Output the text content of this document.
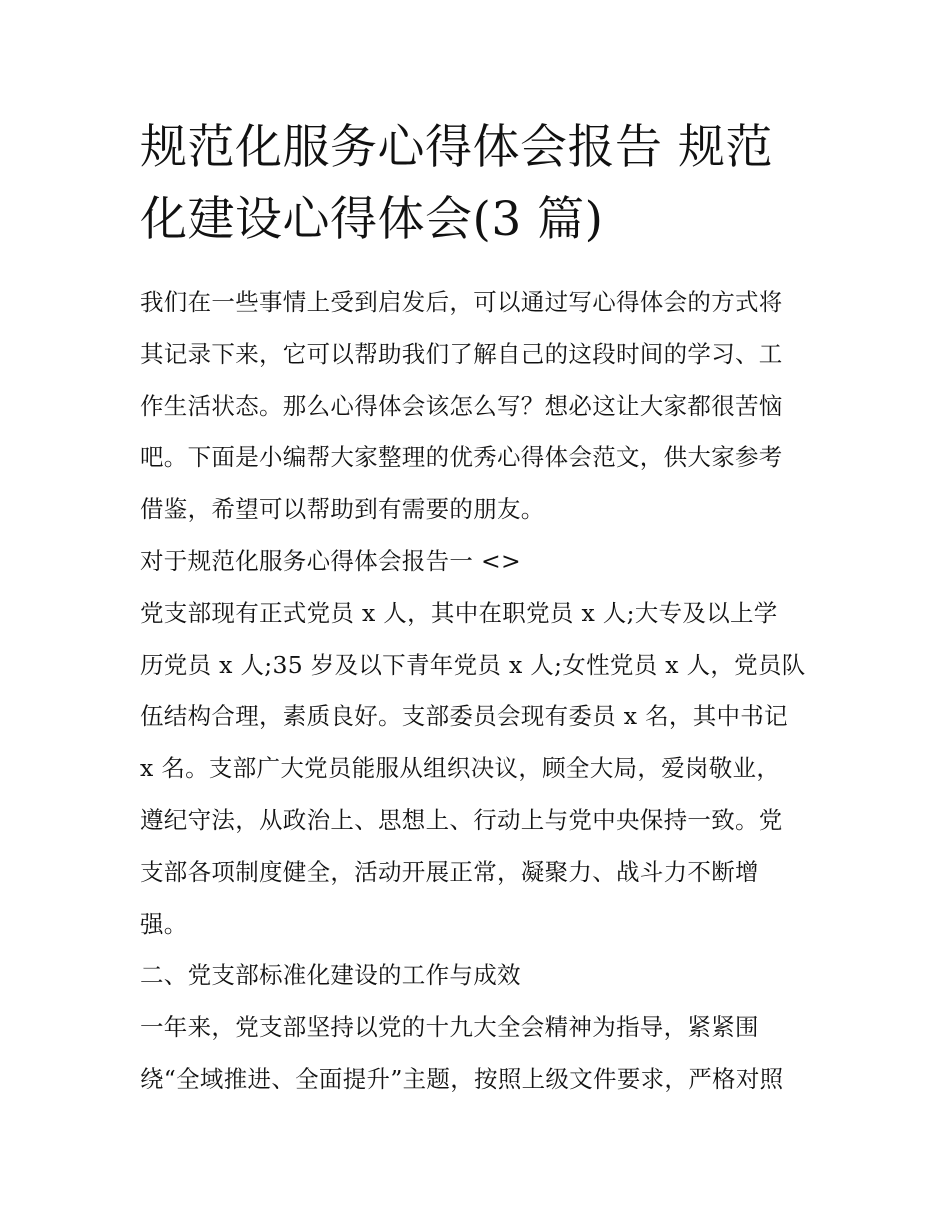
规范化服务心得体会报告 规范
化建设心得体会(3 篇)
我们在一些事情上受到启发后，可以通过写心得体会的方式将
其记录下来，它可以帮助我们了解自己的这段时间的学习、工
作生活状态。那么心得体会该怎么写？想必这让大家都很苦恼
吧。下面是小编帮大家整理的优秀心得体会范文，供大家参考
借鉴，希望可以帮助到有需要的朋友。
对于规范化服务心得体会报告一 <>
党支部现有正式党员 x 人，其中在职党员 x 人;大专及以上学
历党员 x 人;35 岁及以下青年党员 x 人;女性党员 x 人，党员队
伍结构合理，素质良好。支部委员会现有委员 x 名，其中书记
x 名。支部广大党员能服从组织决议，顾全大局，爱岗敬业，
遵纪守法，从政治上、思想上、行动上与党中央保持一致。党
支部各项制度健全，活动开展正常，凝聚力、战斗力不断增
强。
二、党支部标准化建设的工作与成效
一年来，党支部坚持以党的十九大全会精神为指导，紧紧围
绕“全域推进、全面提升”主题，按照上级文件要求，严格对照
